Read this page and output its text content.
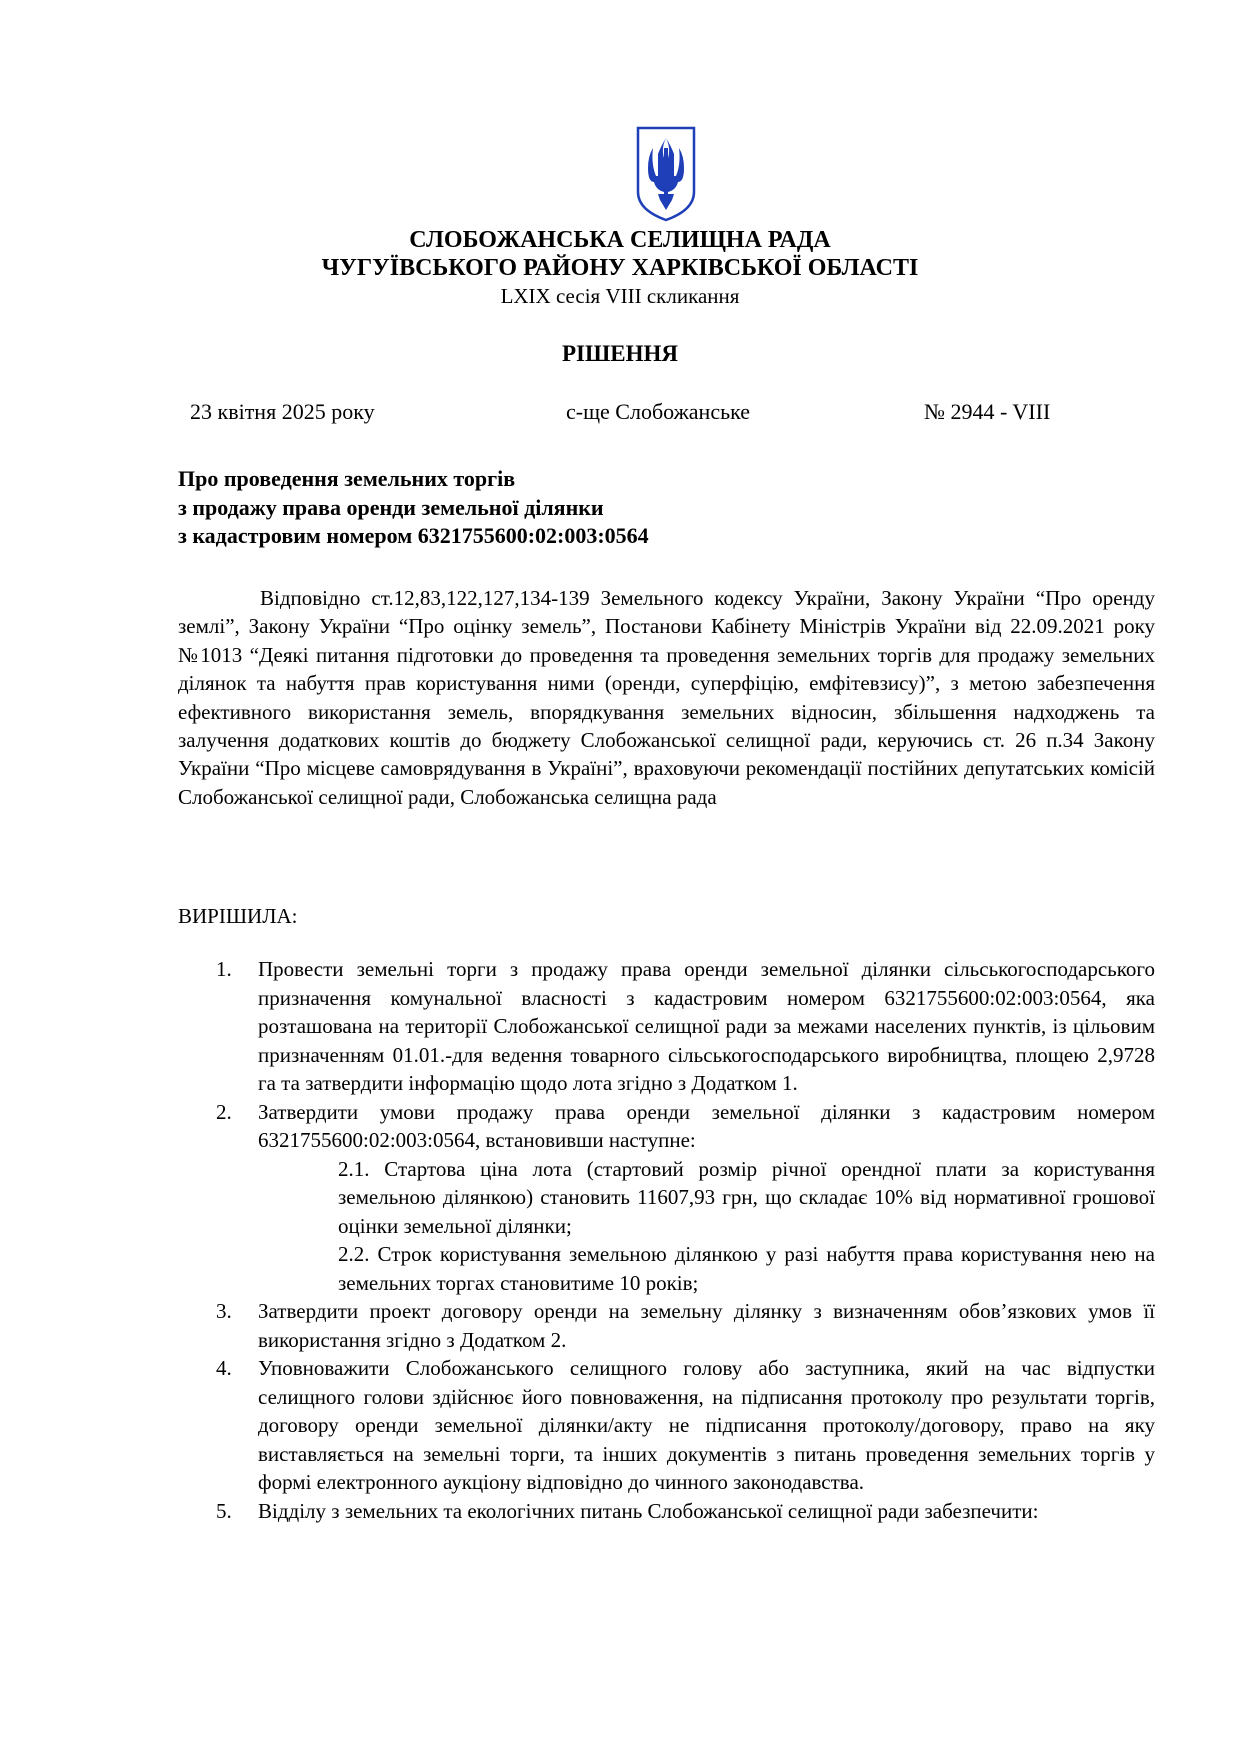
СЛОБОЖАНСЬКА СЕЛИЩНА РАДА
ЧУГУЇВСЬКОГО РАЙОНУ ХАРКІВСЬКОЇ ОБЛАСТІ
LXIX сесія VIII скликання
РІШЕННЯ
23 квітня 2025 року	с-ще Слобожанське	№ 2944 - VIII
Про проведення земельних торгів
з продажу права оренди земельної ділянки
з кадастровим номером 6321755600:02:003:0564

Відповідно ст.12,83,122,127,134-139 Земельного кодексу України, Закону України “Про оренду землі”, Закону України “Про оцінку земель”, Постанови Кабінету Міністрів України від 22.09.2021 року №1013 “Деякі питання підготовки до проведення та проведення земельних торгів для продажу земельних ділянок та набуття прав користування ними (оренди, суперфіцію, емфітевзису)”, з метою забезпечення ефективного використання земель, впорядкування земельних відносин, збільшення надходжень та залучення додаткових коштів до бюджету Слобожанської селищної ради, керуючись ст. 26 п.34 Закону України “Про місцеве самоврядування в Україні”, враховуючи рекомендації постійних депутатських комісій Слобожанської селищної ради, Слобожанська селищна рада

ВИРІШИЛА:
1. Провести земельні торги з продажу права оренди земельної ділянки сільськогосподарського призначення комунальної власності з кадастровим номером 6321755600:02:003:0564, яка розташована на території Слобожанської селищної ради за межами населених пунктів, із цільовим призначенням 01.01.-для ведення товарного сільськогосподарського виробництва, площею 2,9728 га та затвердити інформацію щодо лота згідно з Додатком 1.
2. Затвердити умови продажу права оренди земельної ділянки з кадастровим номером 6321755600:02:003:0564, встановивши наступне:

2.1. Стартова ціна лота (стартовий розмір річної орендної плати за користування земельною ділянкою) становить 11607,93 грн, що складає 10% від нормативної грошової оцінки земельної ділянки;

2.2. Строк користування земельною ділянкою у разі набуття права користування нею на земельних торгах становитиме 10 років;

3. Затвердити проект договору оренди на земельну ділянку з визначенням обов’язкових умов її використання згідно з Додатком 2.
4. Уповноважити Слобожанського селищного голову або заступника, який на час відпустки селищного голови здійснює його повноваження, на підписання протоколу про результати торгів, договору оренди земельної ділянки/акту не підписання протоколу/договору, право на яку виставляється на земельні торги, та інших документів з питань проведення земельних торгів у формі електронного аукціону відповідно до чинного законодавства.
5. Відділу з земельних та екологічних питань Слобожанської селищної ради забезпечити:
